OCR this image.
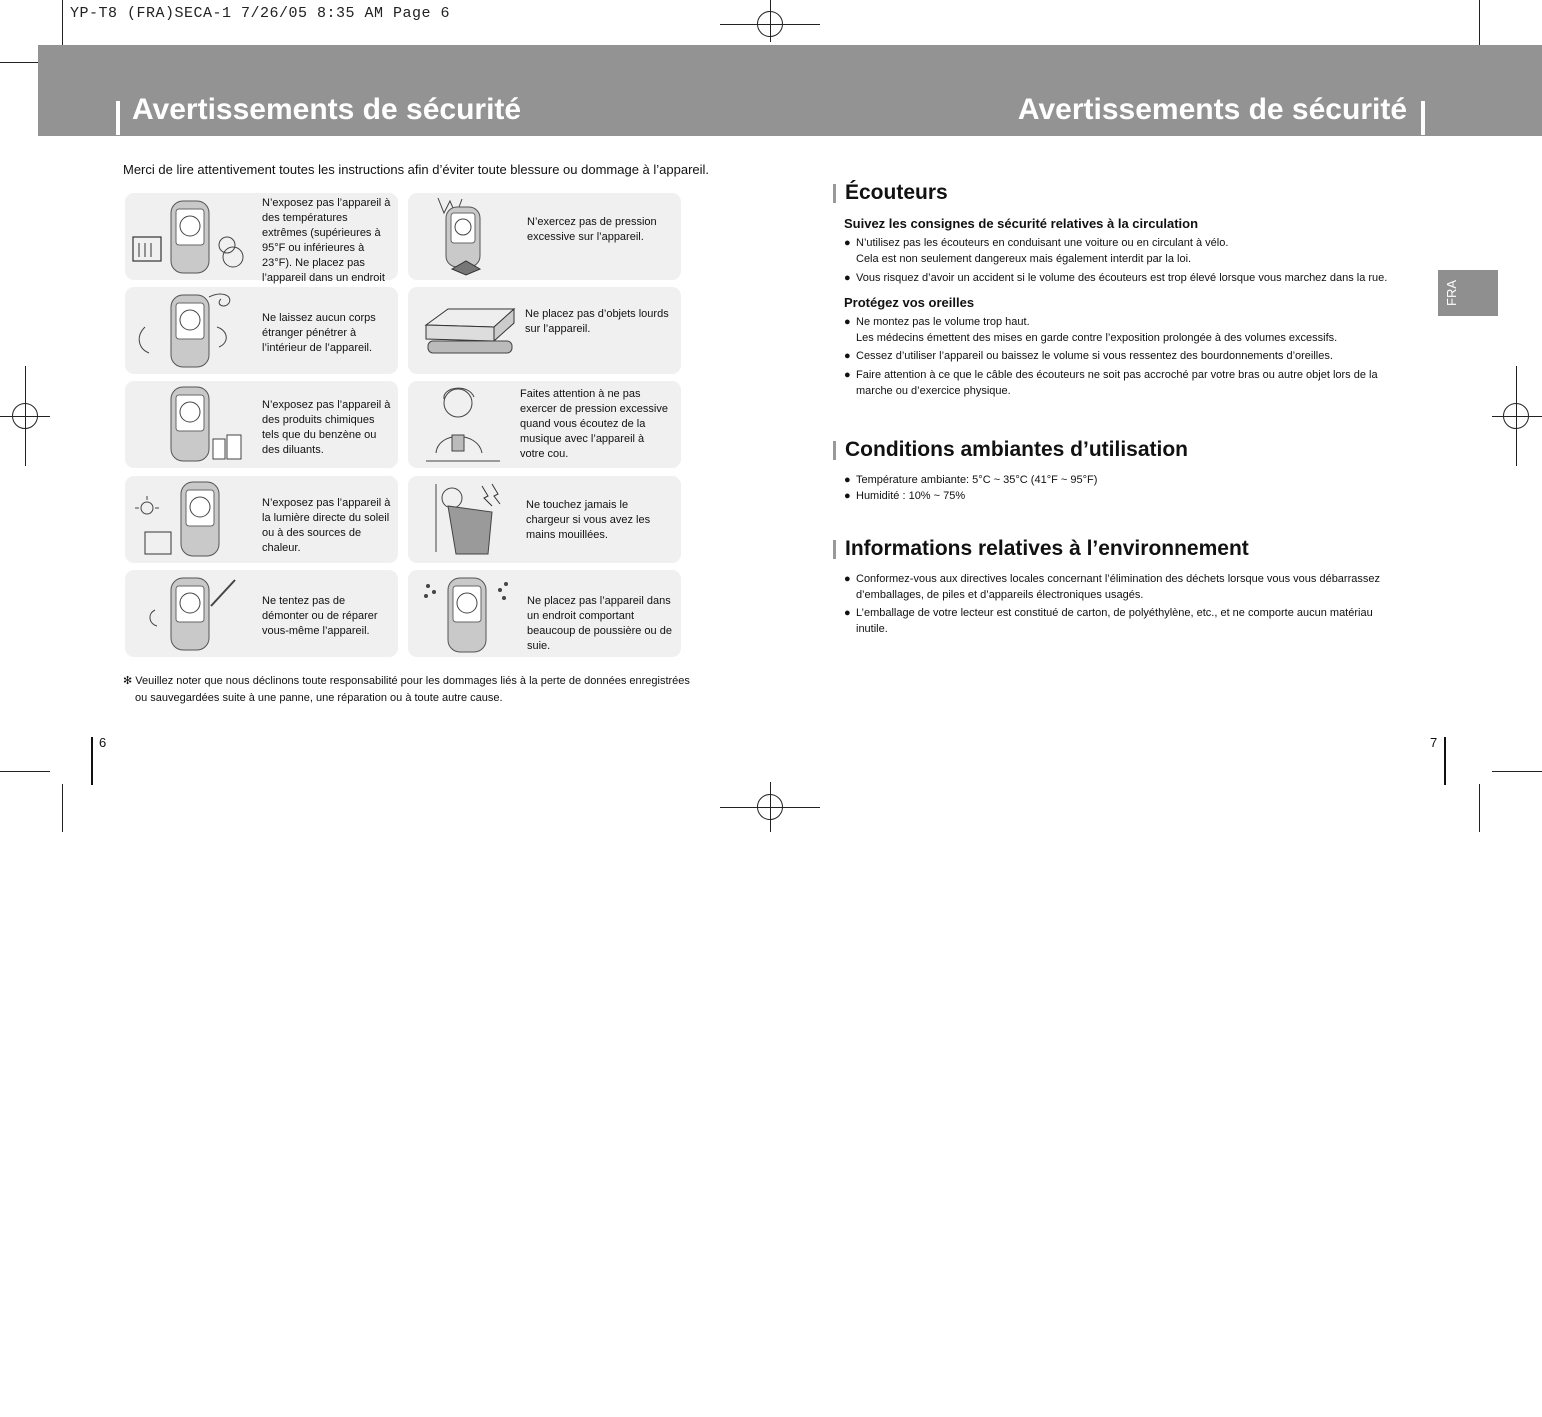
YP-T8 (FRA)SECA-1 7/26/05 8:35 AM Page 6
Avertissements de sécurité	Avertissements de sécurité
Merci de lire attentivement toutes les instructions afin d’éviter toute blessure ou dommage à l’appareil.
N’exposez pas l’appareil à des températures extrêmes (supérieures à 95°F ou inférieures à 23°F). Ne placez pas l’appareil dans un endroit
N’exercez pas de pression excessive sur l’appareil.
Ne laissez aucun corps étranger pénétrer à l’intérieur de l’appareil.
Ne placez pas d’objets lourds sur l’appareil.
N’exposez pas l’appareil à des produits chimiques tels que du benzène ou des diluants.
Faites attention à ne pas exercer de pression excessive quand vous écoutez de la musique avec l’appareil à votre cou.
N’exposez pas l’appareil à la lumière directe du soleil ou à des sources de chaleur.
Ne touchez jamais le chargeur si vous avez les mains mouillées.
Ne tentez pas de démonter ou de réparer vous-même l’appareil.
Ne placez pas l’appareil dans un endroit comportant beaucoup de poussière ou de suie.
✻ Veuillez noter que nous déclinons toute responsabilité pour les dommages liés à la perte de données enregistrées
ou sauvegardées suite à une panne, une réparation ou à toute autre cause.
6	7
FRA
Écouteurs
Suivez les consignes de sécurité relatives à la circulation
● N’utilisez pas les écouteurs en conduisant une voiture ou en circulant à vélo.
Cela est non seulement dangereux mais également interdit par la loi.
● Vous risquez d’avoir un accident si le volume des écouteurs est trop élevé lorsque vous marchez dans la rue.
Protégez vos oreilles
● Ne montez pas le volume trop haut.
Les médecins émettent des mises en garde contre l’exposition prolongée à des volumes excessifs.
● Cessez d’utiliser l’appareil ou baissez le volume si vous ressentez des bourdonnements d’oreilles.
● Faire attention à ce que le câble des écouteurs ne soit pas accroché par votre bras ou autre objet lors de la marche ou d’exercice physique.
Conditions ambiantes d’utilisation
● Température ambiante: 5°C ~ 35°C (41°F ~ 95°F)
● Humidité : 10% ~ 75%
Informations relatives à l’environnement
● Conformez-vous aux directives locales concernant l’élimination des déchets lorsque vous vous débarrassez d’emballages, de piles et d’appareils électroniques usagés.
● L’emballage de votre lecteur est constitué de carton, de polyéthylène, etc., et ne comporte aucun matériau inutile.
